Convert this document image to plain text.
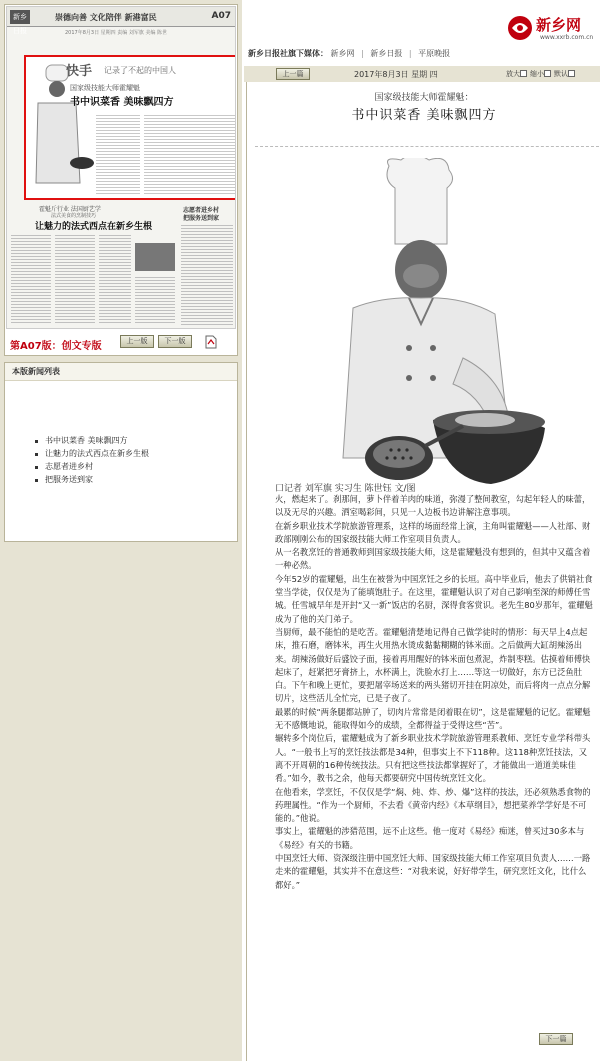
新乡日报
崇德向善 文化陪伴 新港富民	A07
2017年8月3日 星期四 责编 刘军旗 美编 陈世
快手 记录了不起的中国人
国家级技能大师霍耀魁
书中识菜香 美味飘四方
霍魁斤行业 法国厨艺学
法式美食的烹制技巧
让魅力的法式西点在新乡生根
志愿者进乡村
把服务送到家
第A07版：创文专版	上一版	下一版
本版新闻列表
书中识菜香 美味飘四方
让魅力的法式西点在新乡生根
志愿者进乡村
把服务送到家
新乡网
www.xxrb.com.cn
新乡日报社旗下媒体： 新乡网 | 新乡日报 | 平原晚报
上一篇	2017年8月3日 星期 四	放大 缩小 默认
国家级技能大师霍耀魁：
书中识菜香 美味飘四方
口记者 刘军旗 实习生 陈世钰 文/图

火，燃起来了。刹那间，萝卜伴着羊肉的味道，弥漫了整间教室，勾起年轻人的味蕾，以及无尽的兴趣。洒室喝彩间，只见一人边板书边讲解注意事项。

在新乡职业技术学院旅游管理系，这样的场面经常上演，主角叫霍耀魁——人社部、财政部刚刚公布的国家级技能大师工作室项目负责人。

从一名教烹饪的普通教师到国家级技能大师，这是霍耀魁没有想到的，但其中又蕴含着一种必然。

今年52岁的霍耀魁，出生在被誉为中国烹饪之乡的长垣。高中毕业后，他去了供销社食堂当学徒，仅仅是为了能填饱肚子。在这里，霍耀魁认识了对自己影响至深的师傅任雪城。任雪城早年是开封“又一新”饭店的名厨，深得食客赏识。老先生80岁那年，霍耀魁成为了他的关门弟子。

当厨师，最不能怕的是吃苦。霍耀魁清楚地记得自己做学徒时的情形：每天早上4点起床，推石磨，磨钵米，再生火用热水烫成黏黏糊糊的钵米面。之后做两大缸胡辣汤出来。胡辣汤做好后盛饺子面，接着再用醒好的钵米面包煮泥，炸制枣糕。估摸着师傅快起床了，赶紧把牙膏挤上，水杯满上，洗脸水打上……等这一切做好，东方已泛鱼肚白。下午和晚上更忙，要把屠宰场送来的两头猪切开挂在阴凉处，而后将肉一点点分解切片，这些活儿全忙完，已是子夜了。

最累的时候“两条腿都站肿了，切肉片常常是闭着眼在切”，这是霍耀魁的记忆。霍耀魁无不感慨地说，能取得如今的成绩，全都得益于受得这些“苦”。

辗转多个岗位后，霍耀魁成为了新乡职业技术学院旅游管理系教师、烹饪专业学科带头人。“一般书上写的烹饪技法都是34种，但事实上不下118种。这118种烹饪技法，又离不开周朝的16种传统技法。只有把这些技法都掌握好了，才能做出一道道美味佳肴。”如今，教书之余，他每天都要研究中国传统烹饪文化。

在他看来，学烹饪，不仅仅是学“焖、炖、炸、炒、爆”这样的技法，还必须熟悉食物的药理属性。“作为一个厨师，不去看《黄帝内经》《本草纲目》，想把菜养学学好是不可能的。”他说。

事实上，霍耀魁的涉猎范围，远不止这些。他一度对《易经》痴迷，曾买过30多本与《易经》有关的书籍。

中国烹饪大师、资深级注册中国烹饪大师、国家级技能大师工作室项目负责人……一路走来的霍耀魁，其实并不在意这些：“对我来说，好好带学生，研究烹饪文化，比什么都好。”

下一篇
